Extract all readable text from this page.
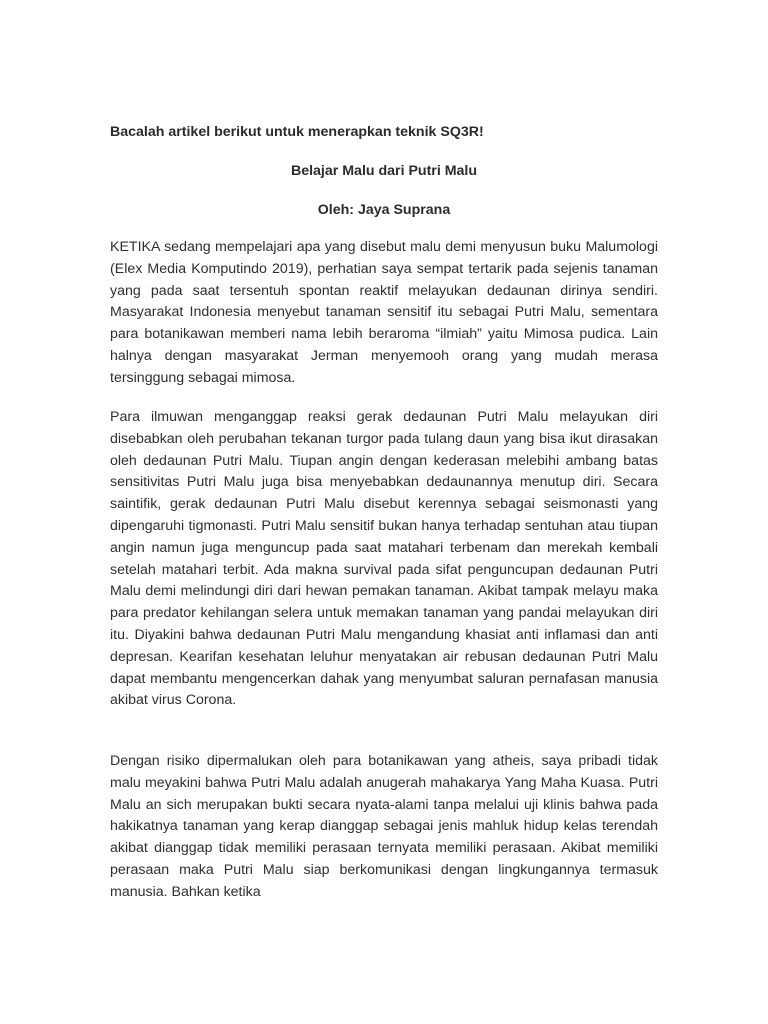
Bacalah artikel berikut untuk menerapkan teknik SQ3R!

Belajar Malu dari Putri Malu

Oleh: Jaya Suprana

KETIKA sedang mempelajari apa yang disebut malu demi menyusun buku Malumologi (Elex Media Komputindo 2019), perhatian saya sempat tertarik pada sejenis tanaman yang pada saat tersentuh spontan reaktif melayukan dedaunan dirinya sendiri. Masyarakat Indonesia menyebut tanaman sensitif itu sebagai Putri Malu, sementara para botanikawan memberi nama lebih beraroma “ilmiah” yaitu Mimosa pudica. Lain halnya dengan masyarakat Jerman menyemooh orang yang mudah merasa tersinggung sebagai mimosa.

Para ilmuwan menganggap reaksi gerak dedaunan Putri Malu melayukan diri disebabkan oleh perubahan tekanan turgor pada tulang daun yang bisa ikut dirasakan oleh dedaunan Putri Malu. Tiupan angin dengan kederasan melebihi ambang batas sensitivitas Putri Malu juga bisa menyebabkan dedaunannya menutup diri. Secara saintifik, gerak dedaunan Putri Malu disebut kerennya sebagai seismonasti yang dipengaruhi tigmonasti. Putri Malu sensitif bukan hanya terhadap sentuhan atau tiupan angin namun juga menguncup pada saat matahari terbenam dan merekah kembali setelah matahari terbit. Ada makna survival pada sifat penguncupan dedaunan Putri Malu demi melindungi diri dari hewan pemakan tanaman. Akibat tampak melayu maka para predator kehilangan selera untuk memakan tanaman yang pandai melayukan diri itu. Diyakini bahwa dedaunan Putri Malu mengandung khasiat anti inflamasi dan anti depresan. Kearifan kesehatan leluhur menyatakan air rebusan dedaunan Putri Malu dapat membantu mengencerkan dahak yang menyumbat saluran pernafasan manusia akibat virus Corona.

Dengan risiko dipermalukan oleh para botanikawan yang atheis, saya pribadi tidak malu meyakini bahwa Putri Malu adalah anugerah mahakarya Yang Maha Kuasa. Putri Malu an sich merupakan bukti secara nyata-alami tanpa melalui uji klinis bahwa pada hakikatnya tanaman yang kerap dianggap sebagai jenis mahluk hidup kelas terendah akibat dianggap tidak memiliki perasaan ternyata memiliki perasaan. Akibat memiliki perasaan maka Putri Malu siap berkomunikasi dengan lingkungannya termasuk manusia. Bahkan ketika
